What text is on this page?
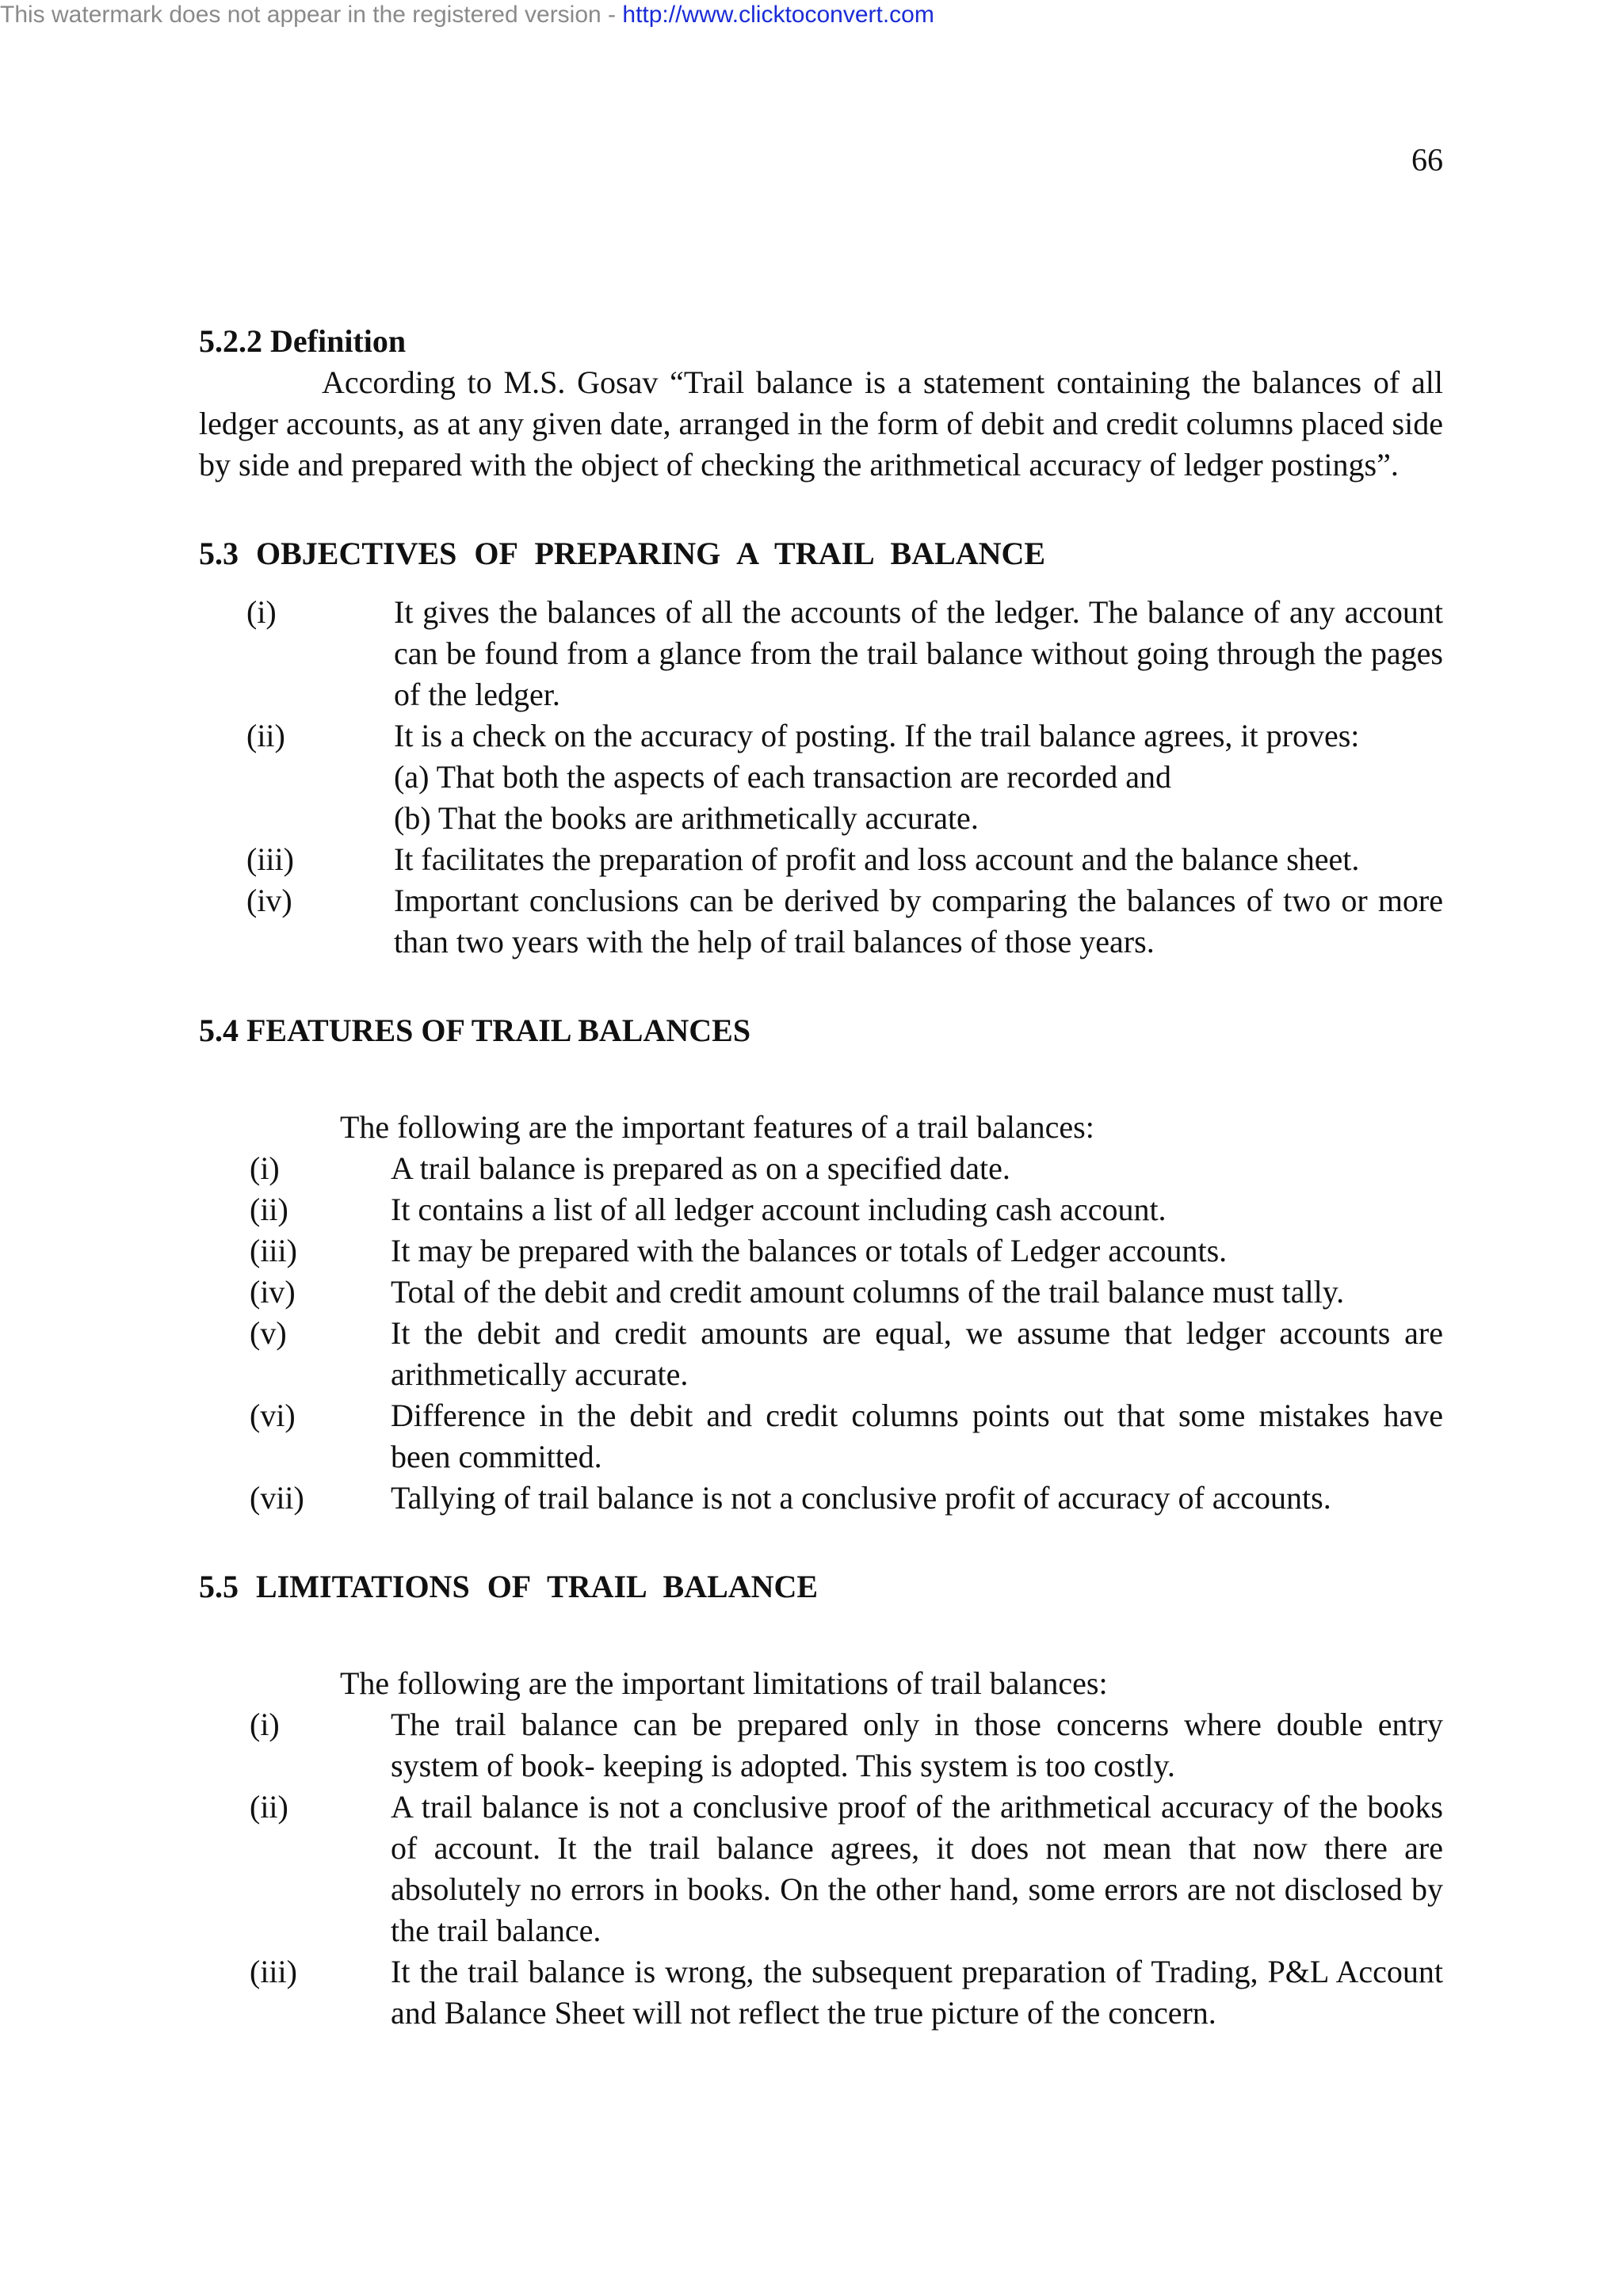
This watermark does not appear in the registered version - http://www.clicktoconvert.com
66
5.2.2 Definition

According to M.S. Gosav “Trail balance is a statement containing the balances of all ledger accounts, as at any given date, arranged in the form of debit and credit columns placed side by side and prepared with the object of checking the arithmetical accuracy of ledger postings”.

5.3 OBJECTIVES OF PREPARING A TRAIL BALANCE
(i)	It gives the balances of all the accounts of the ledger. The balance of any account can be found from a glance from the trail balance without going through the pages of the ledger.
(ii)	It is a check on the accuracy of posting. If the trail balance agrees, it proves:
(a) That both the aspects of each transaction are recorded and
(b) That the books are arithmetically accurate.
(iii)	It facilitates the preparation of profit and loss account and the balance sheet.
(iv)	Important conclusions can be derived by comparing the balances of two or more than two years with the help of trail balances of those years.
5.4 FEATURES OF TRAIL BALANCES
The following are the important features of a trail balances:
(i)	A trail balance is prepared as on a specified date.
(ii)	It contains a list of all ledger account including cash account.
(iii)	It may be prepared with the balances or totals of Ledger accounts.
(iv)	Total of the debit and credit amount columns of the trail balance must tally.
(v)	It the debit and credit amounts are equal, we assume that ledger accounts are arithmetically accurate.
(vi)	Difference in the debit and credit columns points out that some mistakes have been committed.
(vii)	Tallying of trail balance is not a conclusive profit of accuracy of accounts.
5.5 LIMITATIONS OF TRAIL BALANCE
The following are the important limitations of trail balances:
(i)	The trail balance can be prepared only in those concerns where double entry system of book- keeping is adopted. This system is too costly.
(ii)	A trail balance is not a conclusive proof of the arithmetical accuracy of the books of account. It the trail balance agrees, it does not mean that now there are absolutely no errors in books. On the other hand, some errors are not disclosed by the trail balance.
(iii)	It the trail balance is wrong, the subsequent preparation of Trading, P&L Account and Balance Sheet will not reflect the true picture of the concern.
